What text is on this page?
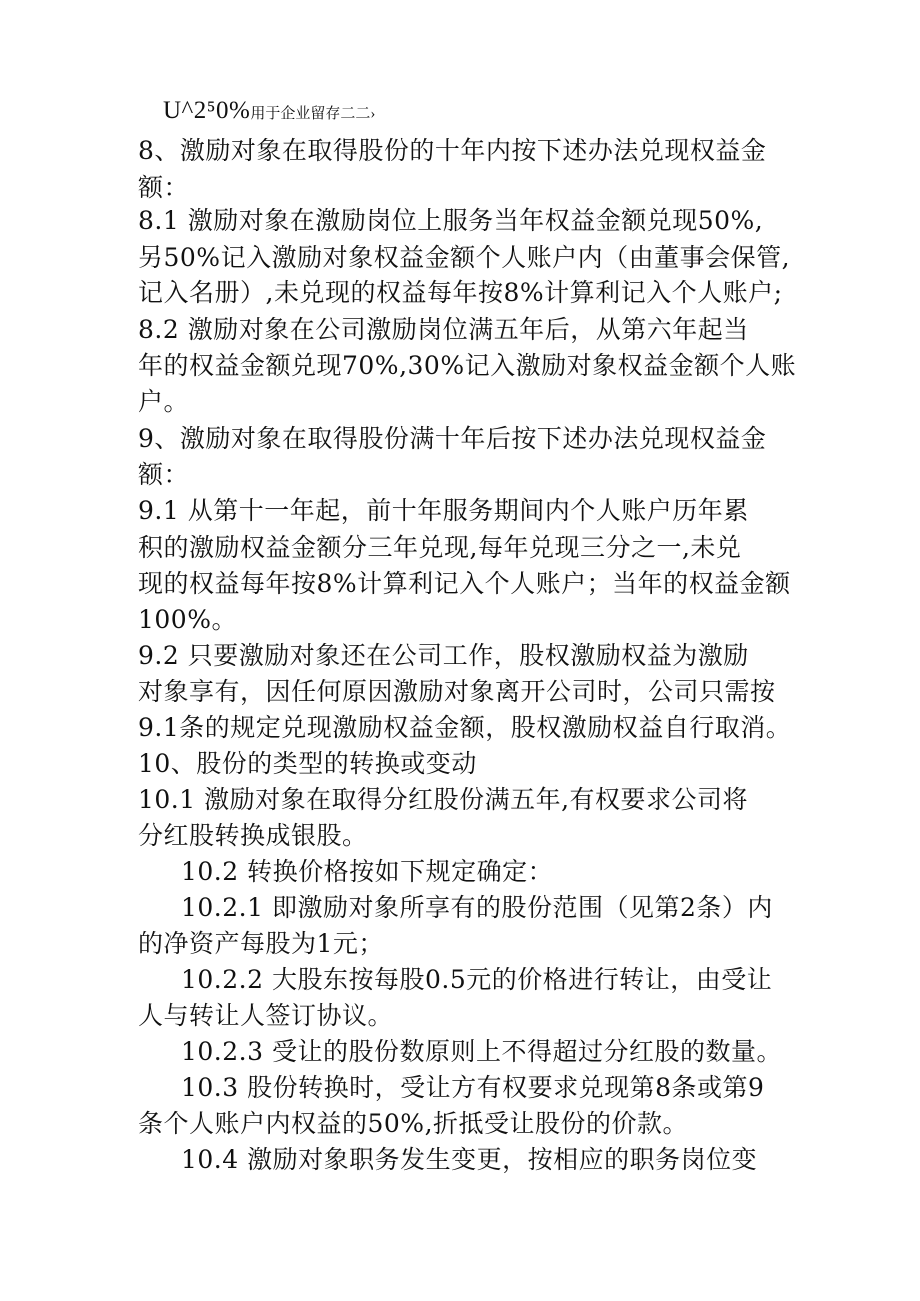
U^2⁵0%用于企业留存二二›
8、激励对象在取得股份的十年内按下述办法兑现权益金
额：
8.1 激励对象在激励岗位上服务当年权益金额兑现50%,
另50%记入激励对象权益金额个人账户内（由董事会保管,
记入名册）,未兑现的权益每年按8%计算利记入个人账户;
8.2 激励对象在公司激励岗位满五年后，从第六年起当
年的权益金额兑现70%,30%记入激励对象权益金额个人账
户。
9、激励对象在取得股份满十年后按下述办法兑现权益金
额：
9.1 从第十一年起，前十年服务期间内个人账户历年累
积的激励权益金额分三年兑现,每年兑现三分之一,未兑
现的权益每年按8%计算利记入个人账户；当年的权益金额
100%。
9.2 只要激励对象还在公司工作，股权激励权益为激励
对象享有，因任何原因激励对象离开公司时，公司只需按
9.1条的规定兑现激励权益金额，股权激励权益自行取消。
10、股份的类型的转换或变动
10.1 激励对象在取得分红股份满五年,有权要求公司将
分红股转换成银股。
10.2 转换价格按如下规定确定：
10.2.1 即激励对象所享有的股份范围（见第2条）内
的净资产每股为1元；
10.2.2 大股东按每股0.5元的价格进行转让，由受让
人与转让人签订协议。
10.2.3 受让的股份数原则上不得超过分红股的数量。
10.3 股份转换时，受让方有权要求兑现第8条或第9
条个人账户内权益的50%,折抵受让股份的价款。
10.4 激励对象职务发生变更，按相应的职务岗位变
